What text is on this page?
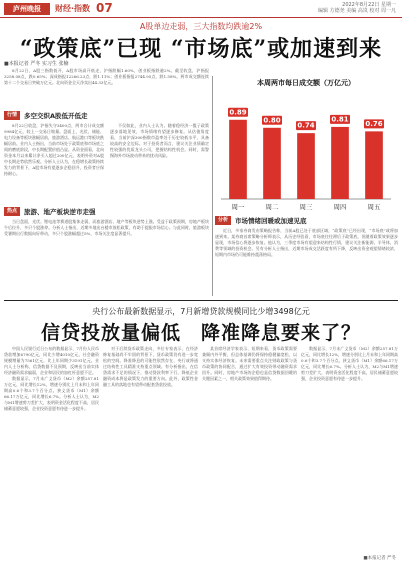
庐州晚报	财经·指数 07	2022年8月22日 星期一
编辑 方德尧 美编 高岚 校对 周一凡
A股单边走弱，三大指数均跌逾2%
“政策底”已现 “市场底”或加速到来
■本报记者 严冬 实习生 张楠

8月22日，A股三指数低开，A股市场高开低走，沪指跌幅1.60%，创业板指跌逾2%。截至收盘，沪指报3258.08点，跌0.65%；深成指报12266.23点，跌1.11%；创业板指报2744.95点，跌1.58%。两市成交额连续第十二个交易日突破万亿元。北向资金全天净卖出44.33亿元。

行情	多空交织A股低开低走

8月22日收盘，沪指失守3400点，两市合计成交额9984亿元，较上一交易日缩量。盘面上，光伏、储能、电力设备等板块涨幅居前，旅游酒店、航运港口等板块跌幅居前。业内人士指出，当前市场处于政策底和市场底之间的磨底阶段，中长期配置价值凸显。从资金面看，北向资金本月以来累计净买入超过200亿元，表明外资对A股中长期走势依然乐观。分析人士认为，在稳增长政策持续发力的背景下，A股市场有望逐步企稳回升，投资者应保持耐心。

不仅如此，业内人士认为，随着稳经济一揽子政策逐步落地见效，市场情绪有望逐步修复。从估值角度看，当前沪深300指数市盈率处于历史较低水平，具备较高的安全边际。对于投资者而言，建议关注业绩确定性较强的优质龙头公司，把握结构性机会。同时，需警惕海外市场波动带来的扰动风险。

热点	旅游、地产板块逆市走强

当日盘面，光伏、锂电池等赛道股集体走弱，而旅游酒店、地产等板块逆势上涨。受益于政策预期，房地产板块午后拉升，多只个股涨停。分析人士指出，近期多地出台楼市放松政策，有助于提振市场信心。与此同时，旅游板块受暑期出行数据向好带动，多只个股涨幅超过5%，市场关注度显著提升。

本周两市每日成交额（万亿元）
0.89
周一
0.80
周二
0.74
周三
0.81
周四
0.76
周五
分析	市场情绪回暖或加速见底

近日，多家券商发布策略报告称，当前A股已处于底部区域，“政策底”已经出现，“市场底”或将加速到来。某券商首席策略分析师表示，从历史经验看，市场底往往滞后于政策底，但随着政策效果逐步显现，市场信心将逐步恢复。他认为，三季度市场有望迎来结构性行情，建议关注新能源、半导体、消费等领域的投资机会。另有分析人士指出，近期市场成交活跃度有所下降，反映出资金观望情绪较浓，短期内市场仍可能维持震荡格局。

央行公布最新数据显示，7月新增贷款规模同比少增3498亿元
信贷投放量偏低　降准降息要来了？

中国人民银行近日公布的数据显示，7月份人民币贷款增加6790亿元，同比少增4010亿元。社会融资规模增量为7561亿元，比上年同期少3191亿元。业内人士分析称，信贷数据不及预期，反映出当前实体经济融资需求偏弱，企业和居民的加杠杆意愿不足。

数据显示，7月末广义货币（M2）余额257.81万亿元，同比增长12%，增速分别比上月末和上年同期高0.6个和3.7个百分点。狭义货币（M1）余额66.17万亿元，同比增长6.7%。分析人士认为，M2与M1增速剪刀差扩大，表明资金活化程度不高，居民储蓄意愿较强，企业投资意愿有待进一步提升。

对于后续货币政策走向，多位专家表示，在经济修复基础尚不牢固的背景下，货币政策仍有进一步宽松的空间。降准降息的可能性依然存在，央行或将通过结构性工具精准支持重点领域。有分析指出，在信贷需求不足的情况下，推动贷款利率下行、降低企业融资成本将是政策发力的重要方向。此外，政策性金融工具的落地也有望带动配套贷款投放。

某首席经济学家表示，短期来看，货币政策需要兼顾内外平衡，但总体基调仍将保持稳健偏宽松，以支持实体经济恢复。未来需要重点关注财政政策与货币政策的协同配合，通过扩大有效投资带动融资需求回升。同时，房地产市场的企稳也是信贷数据回暖的关键因素之一，相关政策效果值得期待。

数据显示，7月末广义货币（M2）余额257.81万亿元，同比增长12%，增速分别比上月末和上年同期高0.6个和3.7个百分点。狭义货币（M1）余额66.17万亿元，同比增长6.7%。分析人士认为，M2与M1增速剪刀差扩大，表明资金活化程度不高，居民储蓄意愿较强，企业投资意愿有待进一步提升。

■本报记者 严冬
